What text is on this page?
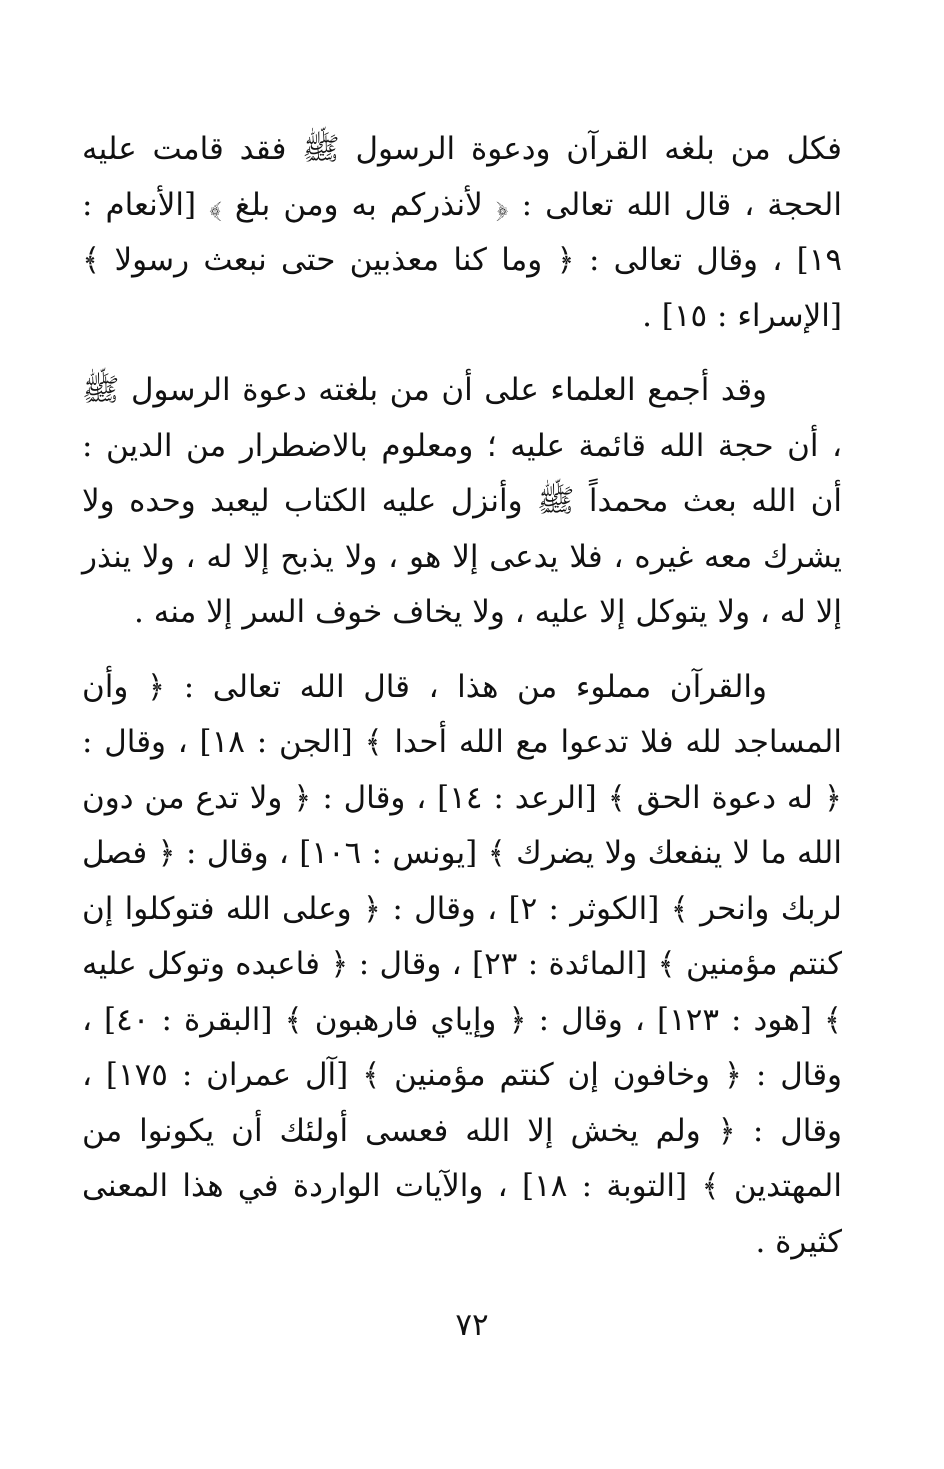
فكل من بلغه القرآن ودعوة الرسول ﷺ فقد قامت عليه الحجة ، قال الله تعالى : ﴿ لأنذركم به ومن بلغ ﴾ [الأنعام : ١٩] ، وقال تعالى : ﴿ وما كنا معذبين حتى نبعث رسولا ﴾ [الإسراء : ١٥] .

وقد أجمع العلماء على أن من بلغته دعوة الرسول ﷺ ، أن حجة الله قائمة عليه ؛ ومعلوم بالاضطرار من الدين : أن الله بعث محمداً ﷺ وأنزل عليه الكتاب ليعبد وحده ولا يشرك معه غيره ، فلا يدعى إلا هو ، ولا يذبح إلا له ، ولا ينذر إلا له ، ولا يتوكل إلا عليه ، ولا يخاف خوف السر إلا منه .

والقرآن مملوء من هذا ، قال الله تعالى : ﴿ وأن المساجد لله فلا تدعوا مع الله أحدا ﴾ [الجن : ١٨] ، وقال : ﴿ له دعوة الحق ﴾ [الرعد : ١٤] ، وقال : ﴿ ولا تدع من دون الله ما لا ينفعك ولا يضرك ﴾ [يونس : ١٠٦] ، وقال : ﴿ فصل لربك وانحر ﴾ [الكوثر : ٢] ، وقال : ﴿ وعلى الله فتوكلوا إن كنتم مؤمنين ﴾ [المائدة : ٢٣] ، وقال : ﴿ فاعبده وتوكل عليه ﴾ [هود : ١٢٣] ، وقال : ﴿ وإياي فارهبون ﴾ [البقرة : ٤٠] ، وقال : ﴿ وخافون إن كنتم مؤمنين ﴾ [آل عمران : ١٧٥] ، وقال : ﴿ ولم يخش إلا الله فعسى أولئك أن يكونوا من المهتدين ﴾ [التوبة : ١٨] ، والآيات الواردة في هذا المعنى كثيرة .

٧٢
